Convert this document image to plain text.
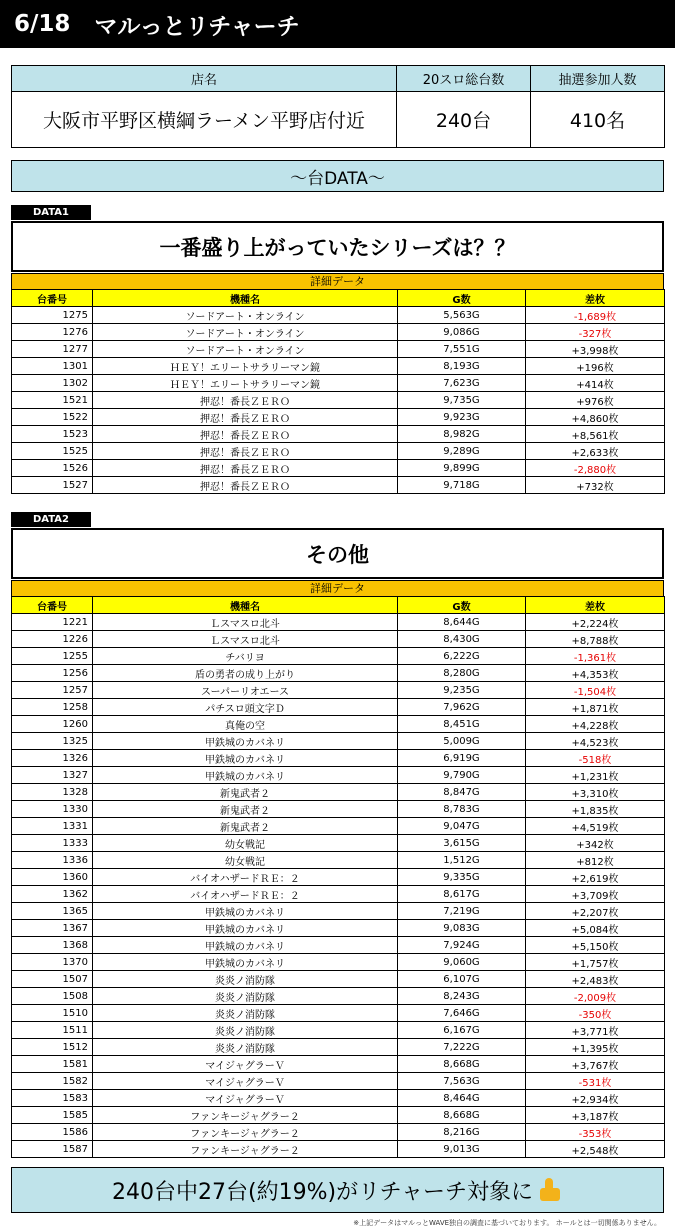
6/18 マルっとリチャーチ
店名	20スロ総台数	抽選参加人数
大阪市平野区横綱ラーメン平野店付近	240台	410名
～台DATA～
DATA1
一番盛り上がっていたシリーズは？？
詳細データ
台番号	機種名	G数	差枚
1275	ソードアート・オンライン	5,563G	-1,689枚
1276	ソードアート・オンライン	9,086G	-327枚
1277	ソードアート・オンライン	7,551G	+3,998枚
1301	ＨＥＹ！エリートサラリーマン鏡	8,193G	+196枚
1302	ＨＥＹ！エリートサラリーマン鏡	7,623G	+414枚
1521	押忍！番長ＺＥＲＯ	9,735G	+976枚
1522	押忍！番長ＺＥＲＯ	9,923G	+4,860枚
1523	押忍！番長ＺＥＲＯ	8,982G	+8,561枚
1525	押忍！番長ＺＥＲＯ	9,289G	+2,633枚
1526	押忍！番長ＺＥＲＯ	9,899G	-2,880枚
1527	押忍！番長ＺＥＲＯ	9,718G	+732枚
DATA2
その他
詳細データ
台番号	機種名	G数	差枚
1221	Ｌスマスロ北斗	8,644G	+2,224枚
1226	Ｌスマスロ北斗	8,430G	+8,788枚
1255	チバリヨ	6,222G	-1,361枚
1256	盾の勇者の成り上がり	8,280G	+4,353枚
1257	スーパーリオエース	9,235G	-1,504枚
1258	パチスロ頭文字Ｄ	7,962G	+1,871枚
1260	真俺の空	8,451G	+4,228枚
1325	甲鉄城のカバネリ	5,009G	+4,523枚
1326	甲鉄城のカバネリ	6,919G	-518枚
1327	甲鉄城のカバネリ	9,790G	+1,231枚
1328	新鬼武者２	8,847G	+3,310枚
1330	新鬼武者２	8,783G	+1,835枚
1331	新鬼武者２	9,047G	+4,519枚
1333	幼女戦記	3,615G	+342枚
1336	幼女戦記	1,512G	+812枚
1360	バイオハザードＲＥ：２	9,335G	+2,619枚
1362	バイオハザードＲＥ：２	8,617G	+3,709枚
1365	甲鉄城のカバネリ	7,219G	+2,207枚
1367	甲鉄城のカバネリ	9,083G	+5,084枚
1368	甲鉄城のカバネリ	7,924G	+5,150枚
1370	甲鉄城のカバネリ	9,060G	+1,757枚
1507	炎炎ノ消防隊	6,107G	+2,483枚
1508	炎炎ノ消防隊	8,243G	-2,009枚
1510	炎炎ノ消防隊	7,646G	-350枚
1511	炎炎ノ消防隊	6,167G	+3,771枚
1512	炎炎ノ消防隊	7,222G	+1,395枚
1581	マイジャグラーＶ	8,668G	+3,767枚
1582	マイジャグラーＶ	7,563G	-531枚
1583	マイジャグラーＶ	8,464G	+2,934枚
1585	ファンキージャグラー２	8,668G	+3,187枚
1586	ファンキージャグラー２	8,216G	-353枚
1587	ファンキージャグラー２	9,013G	+2,548枚
240台中27台(約19%)がリチャーチ対象に
※上記データはマルっとWAVE独自の調査に基づいております。 ホールとは一切関係ありません。
